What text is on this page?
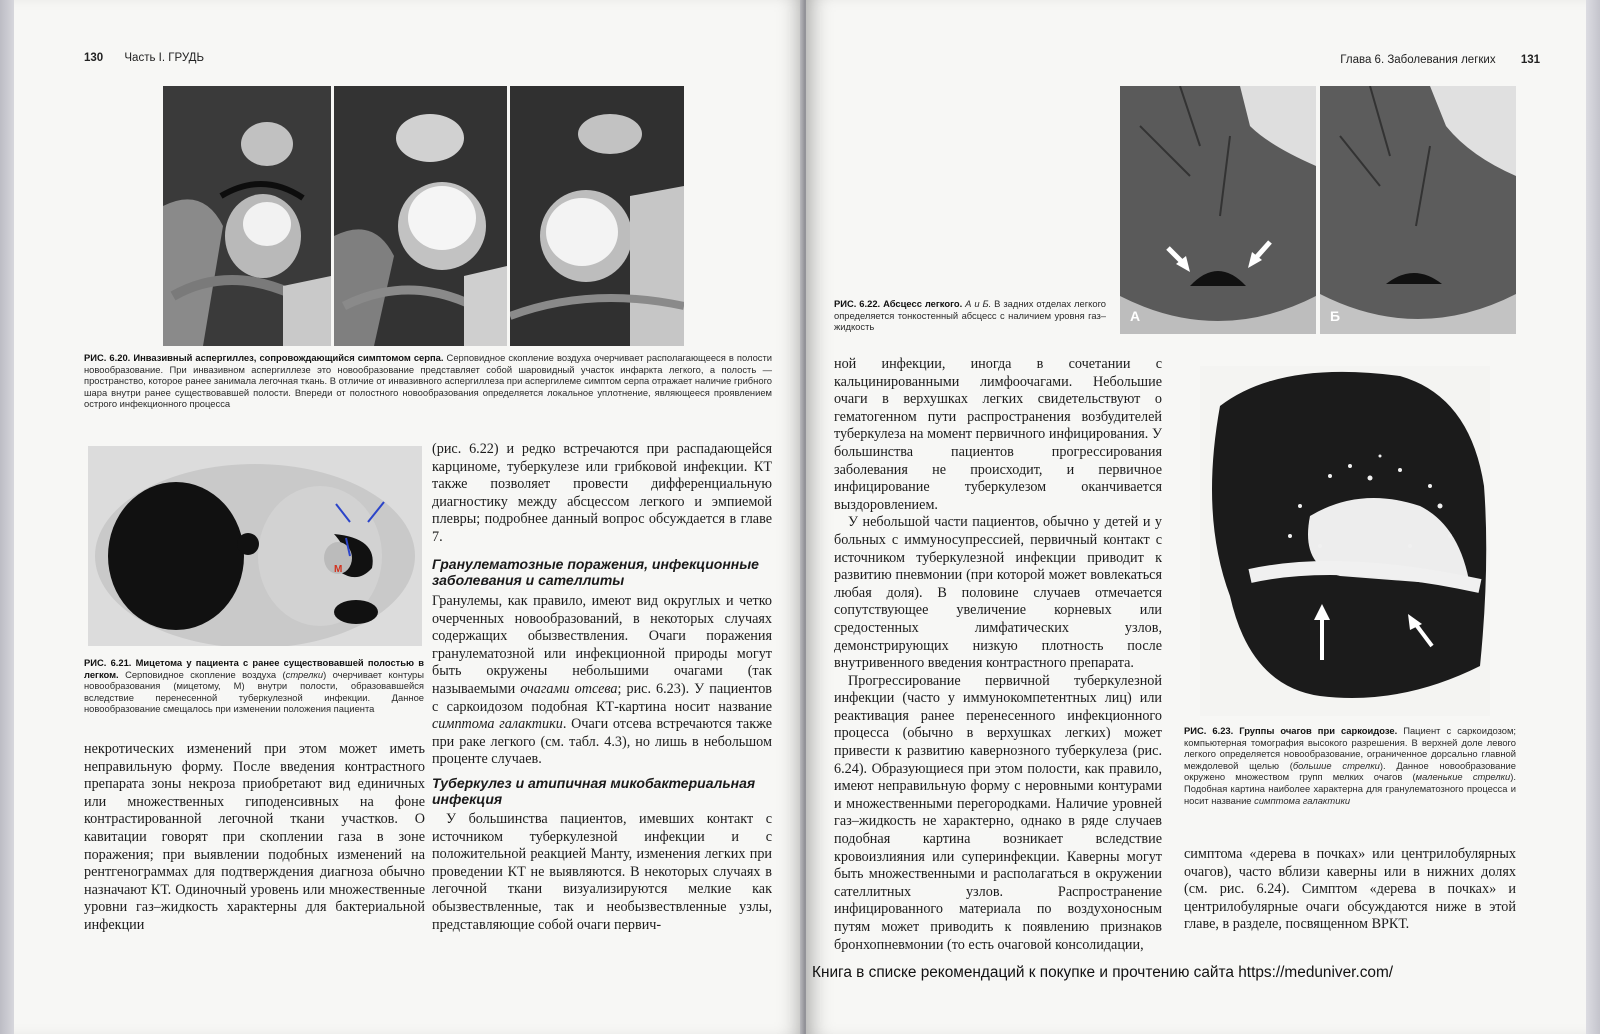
130 Часть I. ГРУДЬ
РИС. 6.20. Инвазивный аспергиллез, сопровождающийся симптомом серпа. Серповидное скопление воздуха очерчивает располагающееся в полости новообразование. При инвазивном аспергиллезе это новообразование представляет собой шаровидный участок инфаркта легкого, а полость — пространство, которое ранее занимала легочная ткань. В отличие от инвазивного аспергиллеза при аспергилеме симптом серпа отражает наличие грибного шара внутри ранее существовавшей полости. Впереди от полостного новообразования определяется локальное уплотнение, являющееся проявлением острого инфекционного процесса
М
РИС. 6.21. Мицетома у пациента с ранее существовавшей полостью в легком. Серповидное скопление воздуха (стрелки) очерчивает контуры новообразования (мицетому, М) внутри полости, образовавшейся вследствие перенесенной туберкулезной инфекции. Данное новообразование смещалось при изменении положения пациента

некротических изменений при этом может иметь неправильную форму. После введения контрастного препарата зоны некроза приобретают вид единичных или множественных гиподенсивных на фоне контрастированной легочной ткани участков. О кавитации говорят при скоплении газа в зоне поражения; при выявлении подобных изменений на рентгенограммах для подтверждения диагноза обычно назначают КТ. Одиночный уровень или множественные уровни газ–жидкость характерны для бактериальной инфекции

(рис. 6.22) и редко встречаются при распадающейся карциноме, туберкулезе или грибковой инфекции. КТ также позволяет провести дифференциальную диагностику между абсцессом легкого и эмпиемой плевры; подробнее данный вопрос обсуждается в главе 7.

Гранулематозные поражения, инфекционные заболевания и сателлиты

Гранулемы, как правило, имеют вид округлых и четко очерченных новообразований, в некоторых случаях содержащих обызвествления. Очаги поражения гранулематозной или инфекционной природы могут быть окружены небольшими очагами (так называемыми очагами отсева; рис. 6.23). У пациентов с саркоидозом подобная КТ-картина носит название симптома галактики. Очаги отсева встречаются также при раке легкого (см. табл. 4.3), но лишь в небольшом проценте случаев.

Туберкулез и атипичная микобактериальная инфекция

У большинства пациентов, имевших контакт с источником туберкулезной инфекции и с положительной реакцией Манту, изменения легких при проведении КТ не выявляются. В некоторых случаях в легочной ткани визуализируются мелкие как обызвествленные, так и необызвествленные узлы, представляющие собой очаги первич-

Глава 6. Заболевания легких 131
А	Б
РИС. 6.22. Абсцесс легкого. А и Б. В задних отделах легкого определяется тонкостенный абсцесс с наличием уровня газ–жидкость

ной инфекции, иногда в сочетании с кальцинированными лимфоочагами. Небольшие очаги в верхушках легких свидетельствуют о гематогенном пути распространения возбудителей туберкулеза на момент первичного инфицирования. У большинства пациентов прогрессирования заболевания не происходит, и первичное инфицирование туберкулезом оканчивается выздоровлением.

У небольшой части пациентов, обычно у детей и у больных с иммуносупрессией, первичный контакт с источником туберкулезной инфекции приводит к развитию пневмонии (при которой может вовлекаться любая доля). В половине случаев отмечается сопутствующее увеличение корневых или средостенных лимфатических узлов, демонстрирующих низкую плотность после внутривенного введения контрастного препарата.

Прогрессирование первичной туберкулезной инфекции (часто у иммунокомпетентных лиц) или реактивация ранее перенесенного инфекционного процесса (обычно в верхушках легких) может привести к развитию кавернозного туберкулеза (рис. 6.24). Образующиеся при этом полости, как правило, имеют неправильную форму с неровными контурами и множественными перегородками. Наличие уровней газ–жидкость не характерно, однако в ряде случаев подобная картина возникает вследствие кровоизлияния или суперинфекции. Каверны могут быть множественными и располагаться в окружении сателлитных узлов. Распространение инфицированного материала по воздухоносным путям может приводить к появлению признаков бронхопневмонии (то есть очаговой консолидации,

РИС. 6.23. Группы очагов при саркоидозе. Пациент с саркоидозом; компьютерная томография высокого разрешения. В верхней доле левого легкого определяется новообразование, ограниченное дорсально главной междолевой щелью (большие стрелки). Данное новообразование окружено множеством групп мелких очагов (маленькие стрелки). Подобная картина наиболее характерна для гранулематозного процесса и носит название симптома галактики

симптома «дерева в почках» или центрилобулярных очагов), часто вблизи каверны или в нижних долях (см. рис. 6.24). Симптом «дерева в почках» и центрилобулярные очаги обсуждаются ниже в этой главе, в разделе, посвященном ВРКТ.

Книга в списке рекомендаций к покупке и прочтению сайта https://meduniver.com/
